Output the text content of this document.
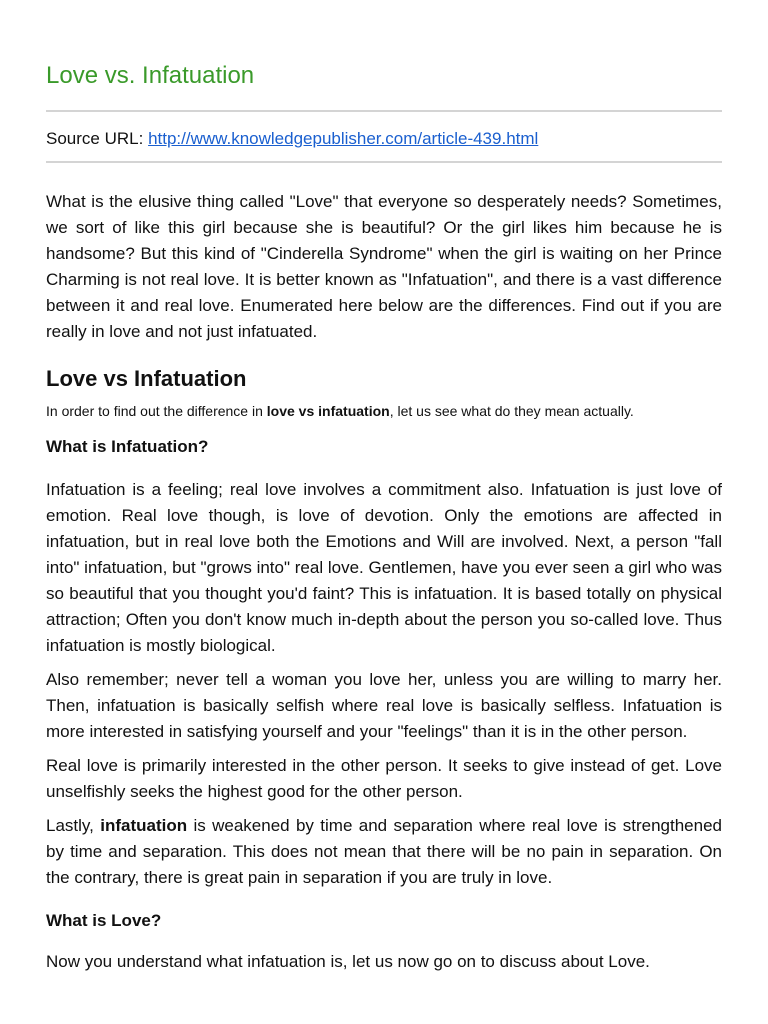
Love vs. Infatuation
Source URL: http://www.knowledgepublisher.com/article-439.html

What is the elusive thing called "Love" that everyone so desperately needs? Sometimes, we sort of like this girl because she is beautiful? Or the girl likes him because he is handsome? But this kind of "Cinderella Syndrome" when the girl is waiting on her Prince Charming is not real love. It is better known as "Infatuation", and there is a vast difference between it and real love. Enumerated here below are the differences. Find out if you are really in love and not just infatuated.

Love vs Infatuation

In order to find out the difference in love vs infatuation, let us see what do they mean actually.

What is Infatuation?

Infatuation is a feeling; real love involves a commitment also. Infatuation is just love of emotion. Real love though, is love of devotion. Only the emotions are affected in infatuation, but in real love both the Emotions and Will are involved. Next, a person "fall into" infatuation, but "grows into" real love. Gentlemen, have you ever seen a girl who was so beautiful that you thought you'd faint? This is infatuation. It is based totally on physical attraction; Often you don't know much in-depth about the person you so-called love. Thus infatuation is mostly biological.

Also remember; never tell a woman you love her, unless you are willing to marry her. Then, infatuation is basically selfish where real love is basically selfless. Infatuation is more interested in satisfying yourself and your "feelings" than it is in the other person.

Real love is primarily interested in the other person. It seeks to give instead of get. Love unselfishly seeks the highest good for the other person.

Lastly, infatuation is weakened by time and separation where real love is strengthened by time and separation. This does not mean that there will be no pain in separation. On the contrary, there is great pain in separation if you are truly in love.

What is Love?

Now you understand what infatuation is, let us now go on to discuss about Love.
